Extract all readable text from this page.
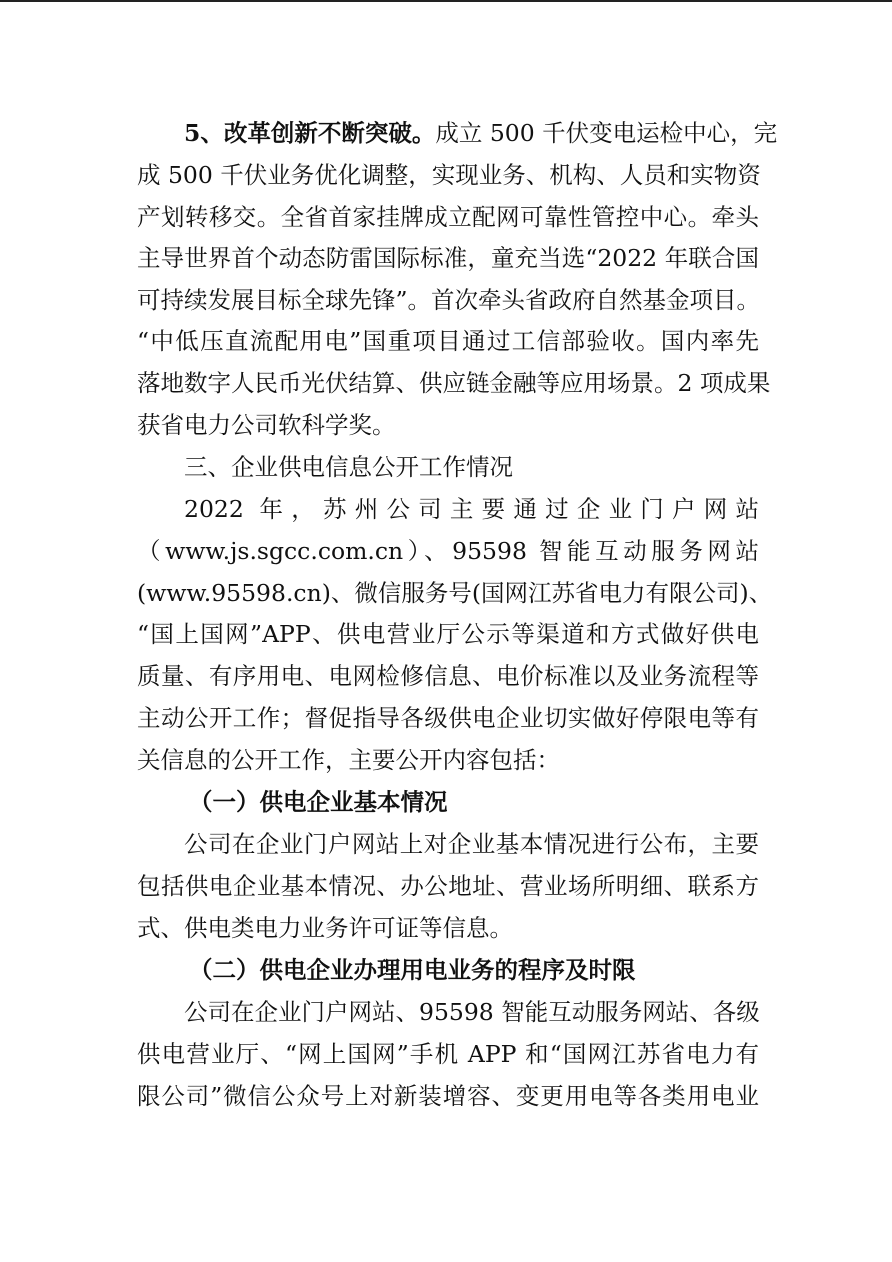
5、改革创新不断突破。成立 500 千伏变电运检中心，完
成 500 千伏业务优化调整，实现业务、机构、人员和实物资
产划转移交。全省首家挂牌成立配网可靠性管控中心。牵头
主导世界首个动态防雷国际标准，童充当选“2022 年联合国
可持续发展目标全球先锋”。首次牵头省政府自然基金项目。
“中低压直流配用电”国重项目通过工信部验收。国内率先
落地数字人民币光伏结算、供应链金融等应用场景。2 项成果
获省电力公司软科学奖。
三、企业供电信息公开工作情况
2022 年，苏州公司主要通过企业门户网站
（www.js.sgcc.com.cn）、95598 智能互动服务网站
(www.95598.cn)、微信服务号(国网江苏省电力有限公司)、
“国上国网”APP、供电营业厅公示等渠道和方式做好供电
质量、有序用电、电网检修信息、电价标准以及业务流程等
主动公开工作；督促指导各级供电企业切实做好停限电等有
关信息的公开工作，主要公开内容包括：
（一）供电企业基本情况
公司在企业门户网站上对企业基本情况进行公布，主要
包括供电企业基本情况、办公地址、营业场所明细、联系方
式、供电类电力业务许可证等信息。
（二）供电企业办理用电业务的程序及时限
公司在企业门户网站、95598 智能互动服务网站、各级
供电营业厅、“网上国网”手机 APP 和“国网江苏省电力有
限公司”微信公众号上对新装增容、变更用电等各类用电业
